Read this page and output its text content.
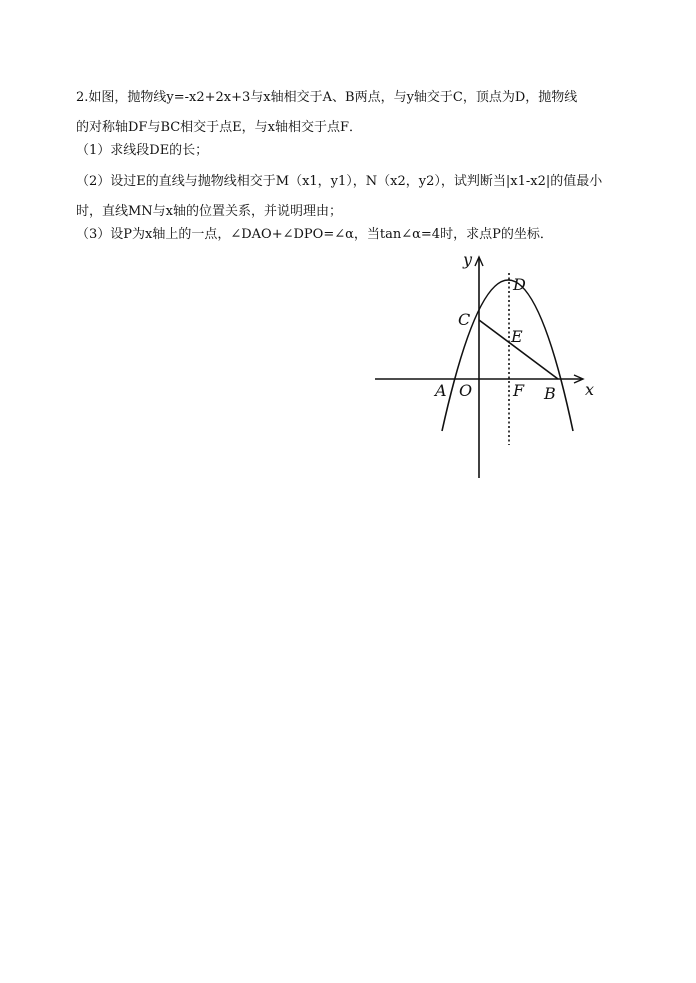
2.如图，抛物线y=-x2+2x+3与x轴相交于A、B两点，与y轴交于C，顶点为D，抛物线
的对称轴DF与BC相交于点E，与x轴相交于点F．
（1）求线段DE的长；
（2）设过E的直线与抛物线相交于M（x1，y1），N（x2，y2），试判断当|x1-x2|的值最小
时，直线MN与x轴的位置关系，并说明理由；
（3）设P为x轴上的一点，∠DAO+∠DPO=∠α，当tan∠α=4时，求点P的坐标．
y
x
D
C
E
A O	F B
